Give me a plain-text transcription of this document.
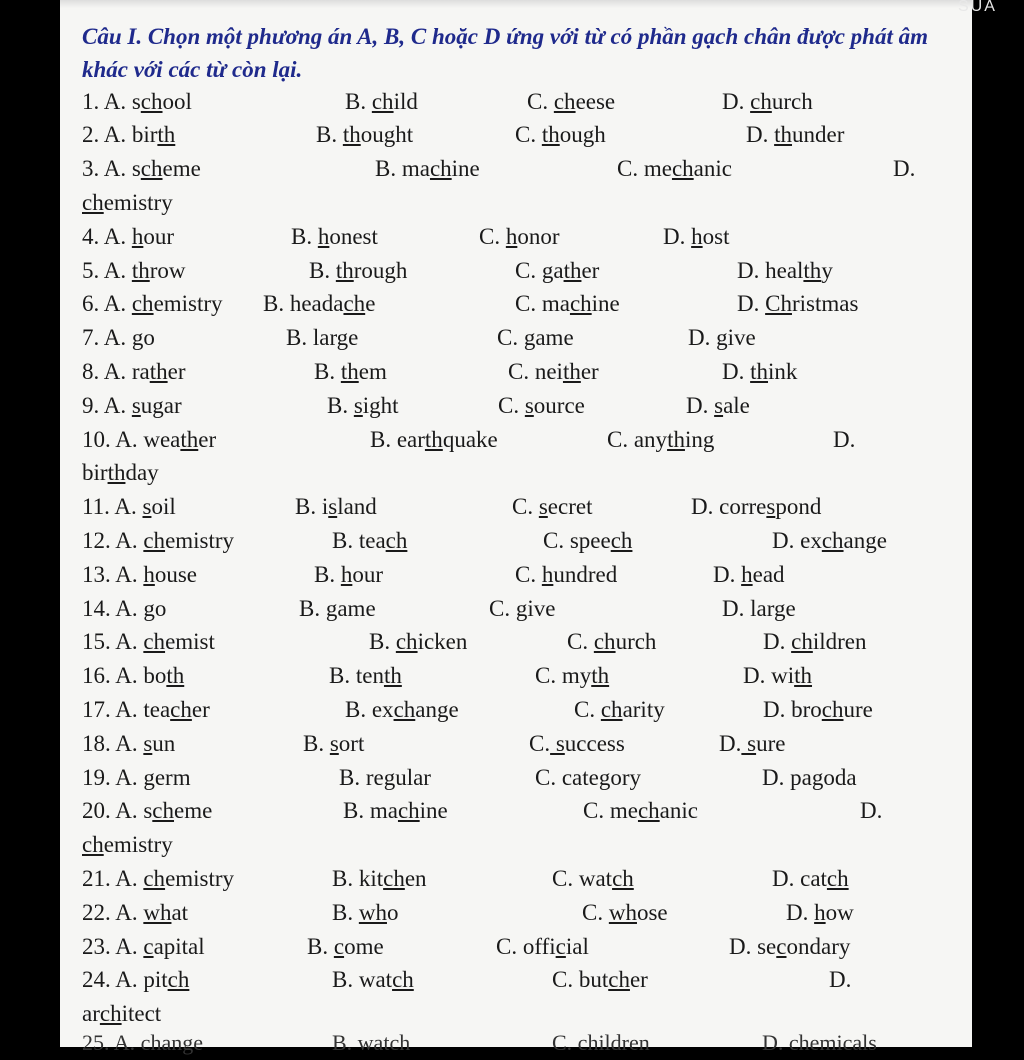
SUA
Câu I. Chọn một phương án A, B, C hoặc D ứng với từ có phần gạch chân được phát âm khác với các từ còn lại.
1. A. school	B. child	C. cheese	D. church
2. A. birth	B. thought	C. though	D. thunder
3. A. scheme	B. machine	C. mechanic	D.
chemistry
4. A. hour	B. honest	C. honor	D. host
5. A. throw	B. through	C. gather	D. healthy
6. A. chemistry B. headache	C. machine	D. Christmas
7. A. go	B. large	C. game	D. give
8. A. rather	B. them	C. neither	D. think
9. A. sugar	B. sight	C. source	D. sale
10. A. weather	B. earthquake	C. anything	D.
birthday
11. A. soil	B. island	C. secret	D. correspond
12. A. chemistry	B. teach	C. speech	D. exchange
13. A. house	B. hour	C. hundred	D. head
14. A. go	B. game	C. give	D. large
15. A. chemist	B. chicken	C. church	D. children
16. A. both	B. tenth	C. myth	D. with
17. A. teacher	B. exchange	C. charity	D. brochure
18. A. sun	B. sort	C. success	D. sure
19. A. germ	B. regular	C. category	D. pagoda
20. A. scheme	B. machine	C. mechanic	D.
chemistry
21. A. chemistry	B. kitchen	C. watch	D. catch
22. A. what	B. who	C. whose	D. how
23. A. capital	B. come	C. official	D. secondary
24. A. pitch	B. watch	C. butcher	D.
architect
25. A. change	B. watch	C. children	D. chemicals
